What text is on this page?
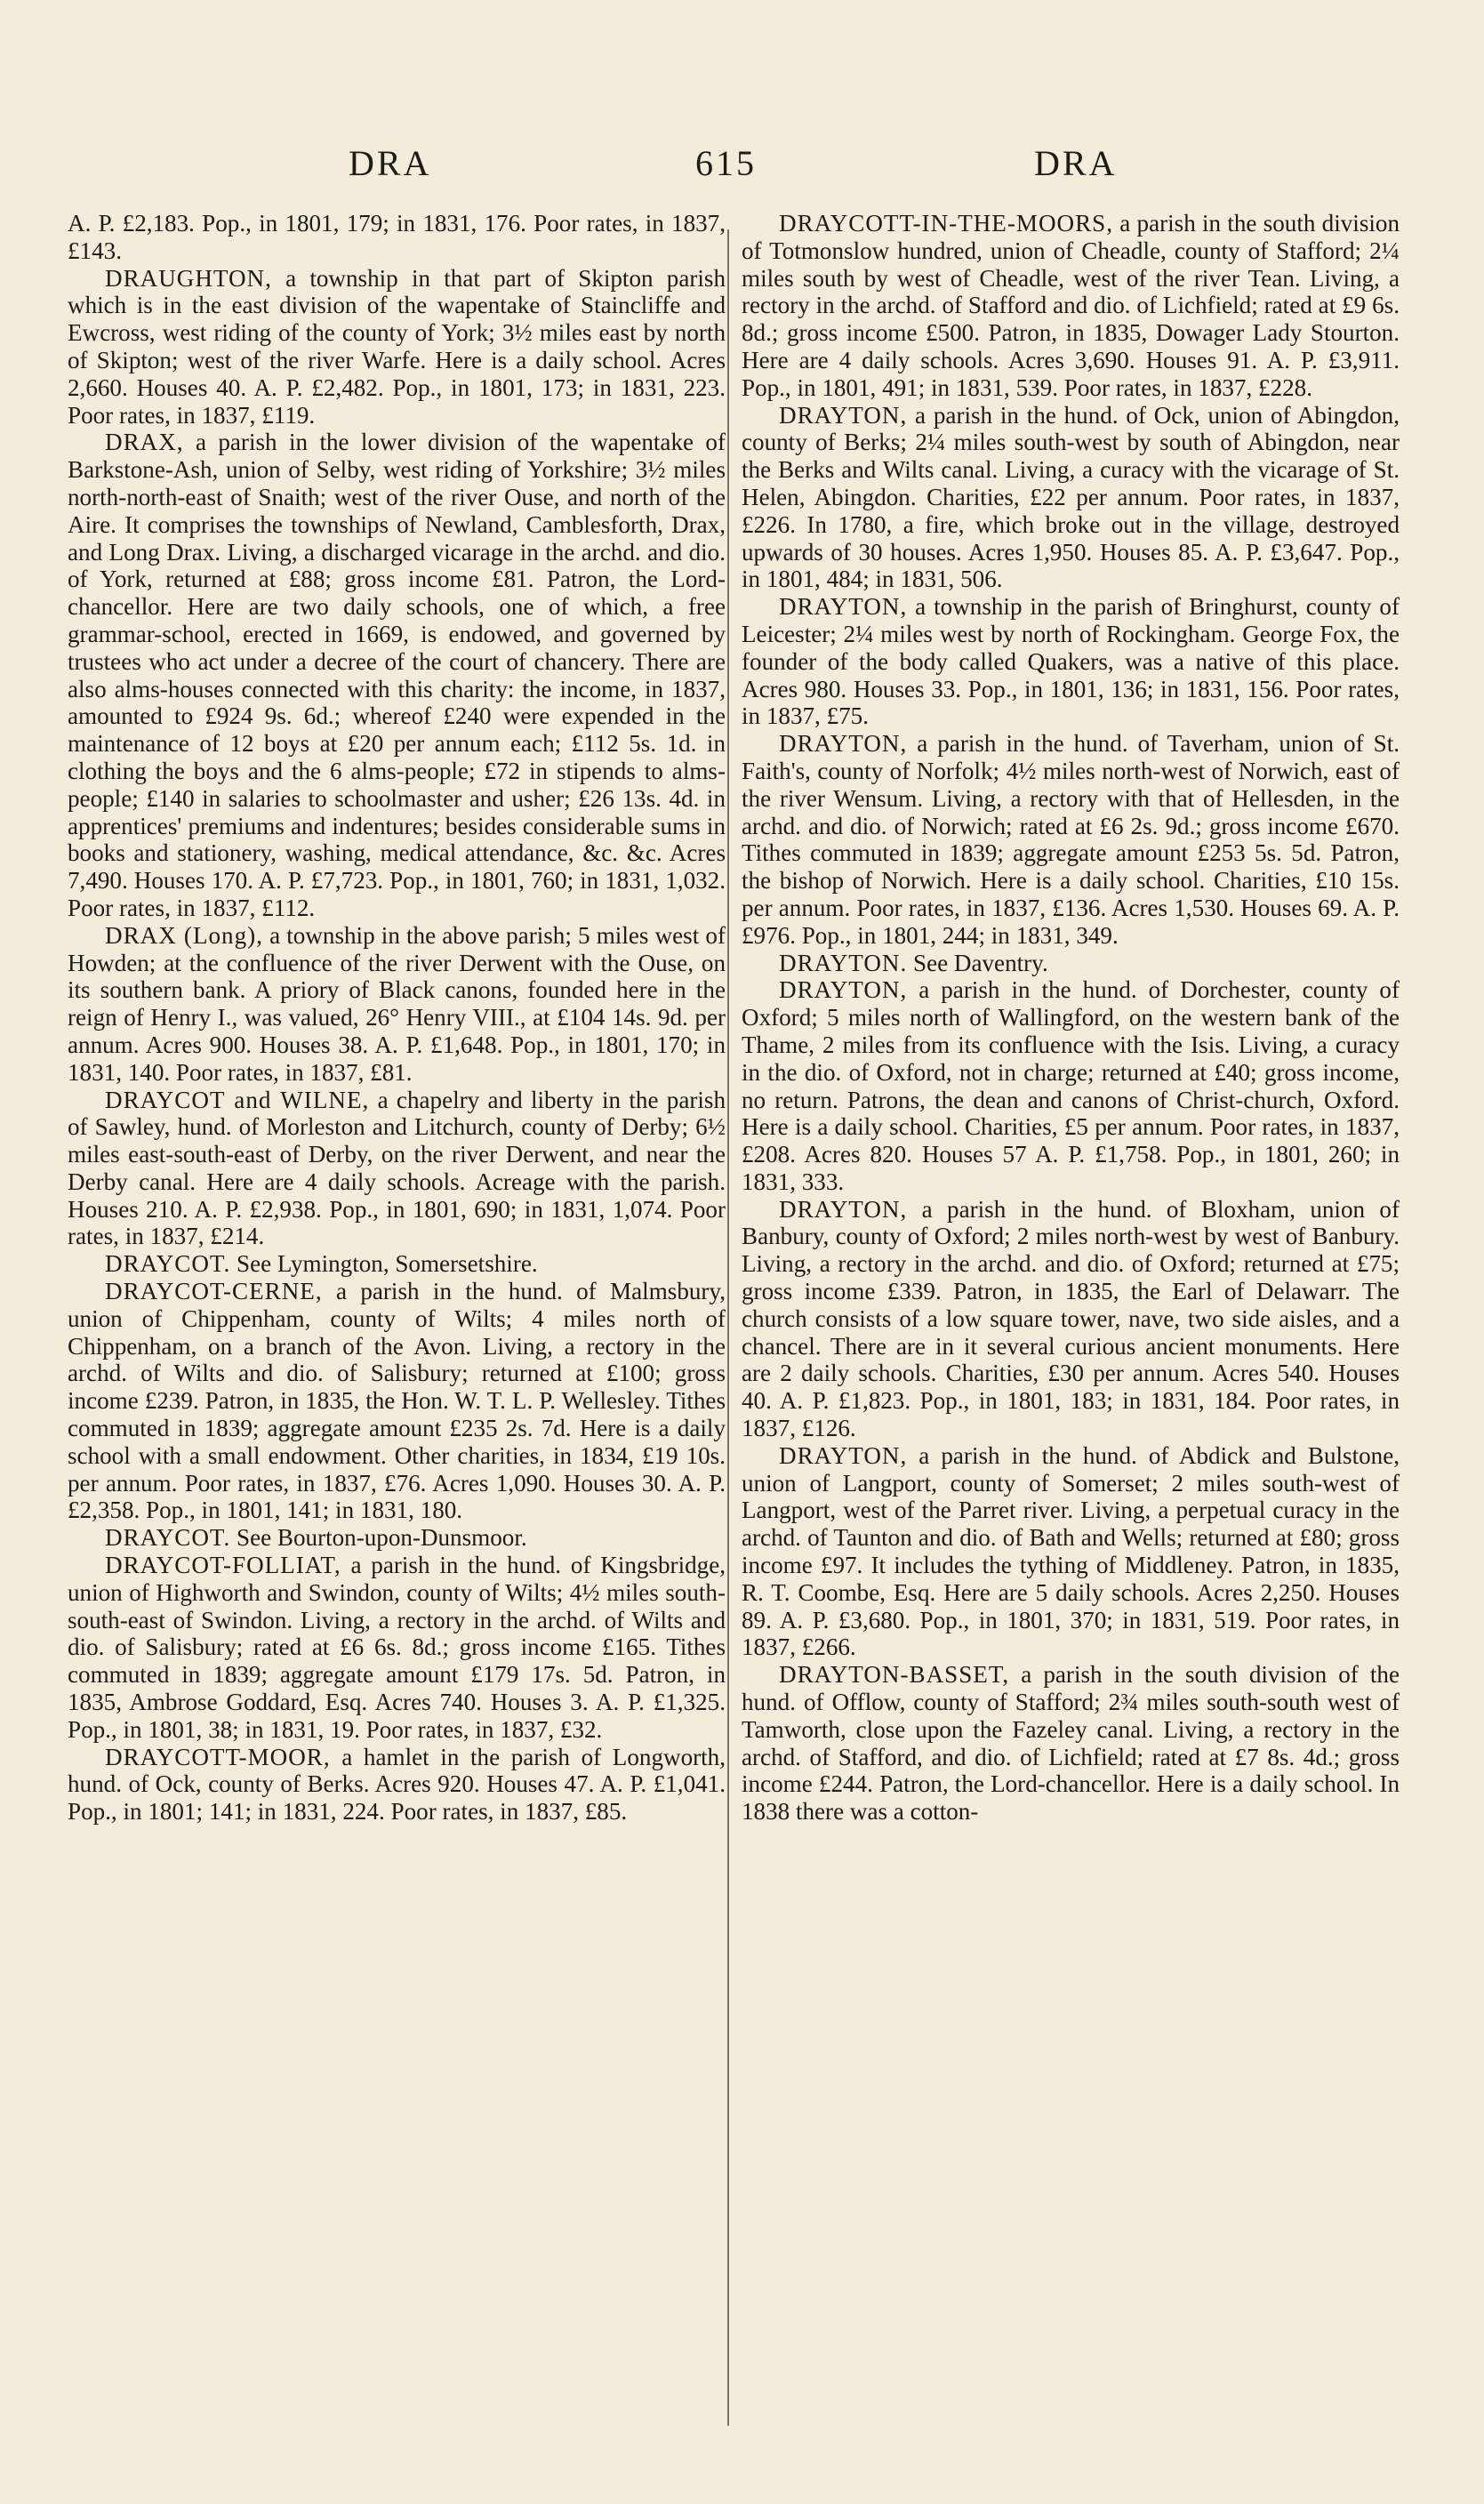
DRA	615	DRA

A. P. £2,183. Pop., in 1801, 179; in 1831, 176. Poor rates, in 1837, £143.

DRAUGHTON, a township in that part of Skipton parish which is in the east division of the wapentake of Staincliffe and Ewcross, west riding of the county of York; 3½ miles east by north of Skipton; west of the river Warfe. Here is a daily school. Acres 2,660. Houses 40. A. P. £2,482. Pop., in 1801, 173; in 1831, 223. Poor rates, in 1837, £119.

DRAX, a parish in the lower division of the wapentake of Barkstone-Ash, union of Selby, west riding of Yorkshire; 3½ miles north-north-east of Snaith; west of the river Ouse, and north of the Aire. It comprises the townships of Newland, Camblesforth, Drax, and Long Drax. Living, a discharged vicarage in the archd. and dio. of York, returned at £88; gross income £81. Patron, the Lord-chancellor. Here are two daily schools, one of which, a free grammar-school, erected in 1669, is endowed, and governed by trustees who act under a decree of the court of chancery. There are also alms-houses connected with this charity: the income, in 1837, amounted to £924 9s. 6d.; whereof £240 were expended in the maintenance of 12 boys at £20 per annum each; £112 5s. 1d. in clothing the boys and the 6 alms-people; £72 in stipends to alms-people; £140 in salaries to schoolmaster and usher; £26 13s. 4d. in apprentices' premiums and indentures; besides considerable sums in books and stationery, washing, medical attendance, &c. &c. Acres 7,490. Houses 170. A. P. £7,723. Pop., in 1801, 760; in 1831, 1,032. Poor rates, in 1837, £112.

DRAX (Long), a township in the above parish; 5 miles west of Howden; at the confluence of the river Derwent with the Ouse, on its southern bank. A priory of Black canons, founded here in the reign of Henry I., was valued, 26° Henry VIII., at £104 14s. 9d. per annum. Acres 900. Houses 38. A. P. £1,648. Pop., in 1801, 170; in 1831, 140. Poor rates, in 1837, £81.

DRAYCOT and WILNE, a chapelry and liberty in the parish of Sawley, hund. of Morleston and Litchurch, county of Derby; 6½ miles east-south-east of Derby, on the river Derwent, and near the Derby canal. Here are 4 daily schools. Acreage with the parish. Houses 210. A. P. £2,938. Pop., in 1801, 690; in 1831, 1,074. Poor rates, in 1837, £214.

DRAYCOT. See Lymington, Somersetshire.

DRAYCOT-CERNE, a parish in the hund. of Malmsbury, union of Chippenham, county of Wilts; 4 miles north of Chippenham, on a branch of the Avon. Living, a rectory in the archd. of Wilts and dio. of Salisbury; returned at £100; gross income £239. Patron, in 1835, the Hon. W. T. L. P. Wellesley. Tithes commuted in 1839; aggregate amount £235 2s. 7d. Here is a daily school with a small endowment. Other charities, in 1834, £19 10s. per annum. Poor rates, in 1837, £76. Acres 1,090. Houses 30. A. P. £2,358. Pop., in 1801, 141; in 1831, 180.

DRAYCOT. See Bourton-upon-Dunsmoor.

DRAYCOT-FOLLIAT, a parish in the hund. of Kingsbridge, union of Highworth and Swindon, county of Wilts; 4½ miles south-south-east of Swindon. Living, a rectory in the archd. of Wilts and dio. of Salisbury; rated at £6 6s. 8d.; gross income £165. Tithes commuted in 1839; aggregate amount £179 17s. 5d. Patron, in 1835, Ambrose Goddard, Esq. Acres 740. Houses 3. A. P. £1,325. Pop., in 1801, 38; in 1831, 19. Poor rates, in 1837, £32.

DRAYCOTT-MOOR, a hamlet in the parish of Longworth, hund. of Ock, county of Berks. Acres 920. Houses 47. A. P. £1,041. Pop., in 1801; 141; in 1831, 224. Poor rates, in 1837, £85.

DRAYCOTT-IN-THE-MOORS, a parish in the south division of Totmonslow hundred, union of Cheadle, county of Stafford; 2¼ miles south by west of Cheadle, west of the river Tean. Living, a rectory in the archd. of Stafford and dio. of Lichfield; rated at £9 6s. 8d.; gross income £500. Patron, in 1835, Dowager Lady Stourton. Here are 4 daily schools. Acres 3,690. Houses 91. A. P. £3,911. Pop., in 1801, 491; in 1831, 539. Poor rates, in 1837, £228.

DRAYTON, a parish in the hund. of Ock, union of Abingdon, county of Berks; 2¼ miles south-west by south of Abingdon, near the Berks and Wilts canal. Living, a curacy with the vicarage of St. Helen, Abingdon. Charities, £22 per annum. Poor rates, in 1837, £226. In 1780, a fire, which broke out in the village, destroyed upwards of 30 houses. Acres 1,950. Houses 85. A. P. £3,647. Pop., in 1801, 484; in 1831, 506.

DRAYTON, a township in the parish of Bringhurst, county of Leicester; 2¼ miles west by north of Rockingham. George Fox, the founder of the body called Quakers, was a native of this place. Acres 980. Houses 33. Pop., in 1801, 136; in 1831, 156. Poor rates, in 1837, £75.

DRAYTON, a parish in the hund. of Taverham, union of St. Faith's, county of Norfolk; 4½ miles north-west of Norwich, east of the river Wensum. Living, a rectory with that of Hellesden, in the archd. and dio. of Norwich; rated at £6 2s. 9d.; gross income £670. Tithes commuted in 1839; aggregate amount £253 5s. 5d. Patron, the bishop of Norwich. Here is a daily school. Charities, £10 15s. per annum. Poor rates, in 1837, £136. Acres 1,530. Houses 69. A. P. £976. Pop., in 1801, 244; in 1831, 349.

DRAYTON. See Daventry.

DRAYTON, a parish in the hund. of Dorchester, county of Oxford; 5 miles north of Wallingford, on the western bank of the Thame, 2 miles from its confluence with the Isis. Living, a curacy in the dio. of Oxford, not in charge; returned at £40; gross income, no return. Patrons, the dean and canons of Christ-church, Oxford. Here is a daily school. Charities, £5 per annum. Poor rates, in 1837, £208. Acres 820. Houses 57 A. P. £1,758. Pop., in 1801, 260; in 1831, 333.

DRAYTON, a parish in the hund. of Bloxham, union of Banbury, county of Oxford; 2 miles north-west by west of Banbury. Living, a rectory in the archd. and dio. of Oxford; returned at £75; gross income £339. Patron, in 1835, the Earl of Delawarr. The church consists of a low square tower, nave, two side aisles, and a chancel. There are in it several curious ancient monuments. Here are 2 daily schools. Charities, £30 per annum. Acres 540. Houses 40. A. P. £1,823. Pop., in 1801, 183; in 1831, 184. Poor rates, in 1837, £126.

DRAYTON, a parish in the hund. of Abdick and Bulstone, union of Langport, county of Somerset; 2 miles south-west of Langport, west of the Parret river. Living, a perpetual curacy in the archd. of Taunton and dio. of Bath and Wells; returned at £80; gross income £97. It includes the tything of Middleney. Patron, in 1835, R. T. Coombe, Esq. Here are 5 daily schools. Acres 2,250. Houses 89. A. P. £3,680. Pop., in 1801, 370; in 1831, 519. Poor rates, in 1837, £266.

DRAYTON-BASSET, a parish in the south division of the hund. of Offlow, county of Stafford; 2¾ miles south-south west of Tamworth, close upon the Fazeley canal. Living, a rectory in the archd. of Stafford, and dio. of Lichfield; rated at £7 8s. 4d.; gross income £244. Patron, the Lord-chancellor. Here is a daily school. In 1838 there was a cotton-
